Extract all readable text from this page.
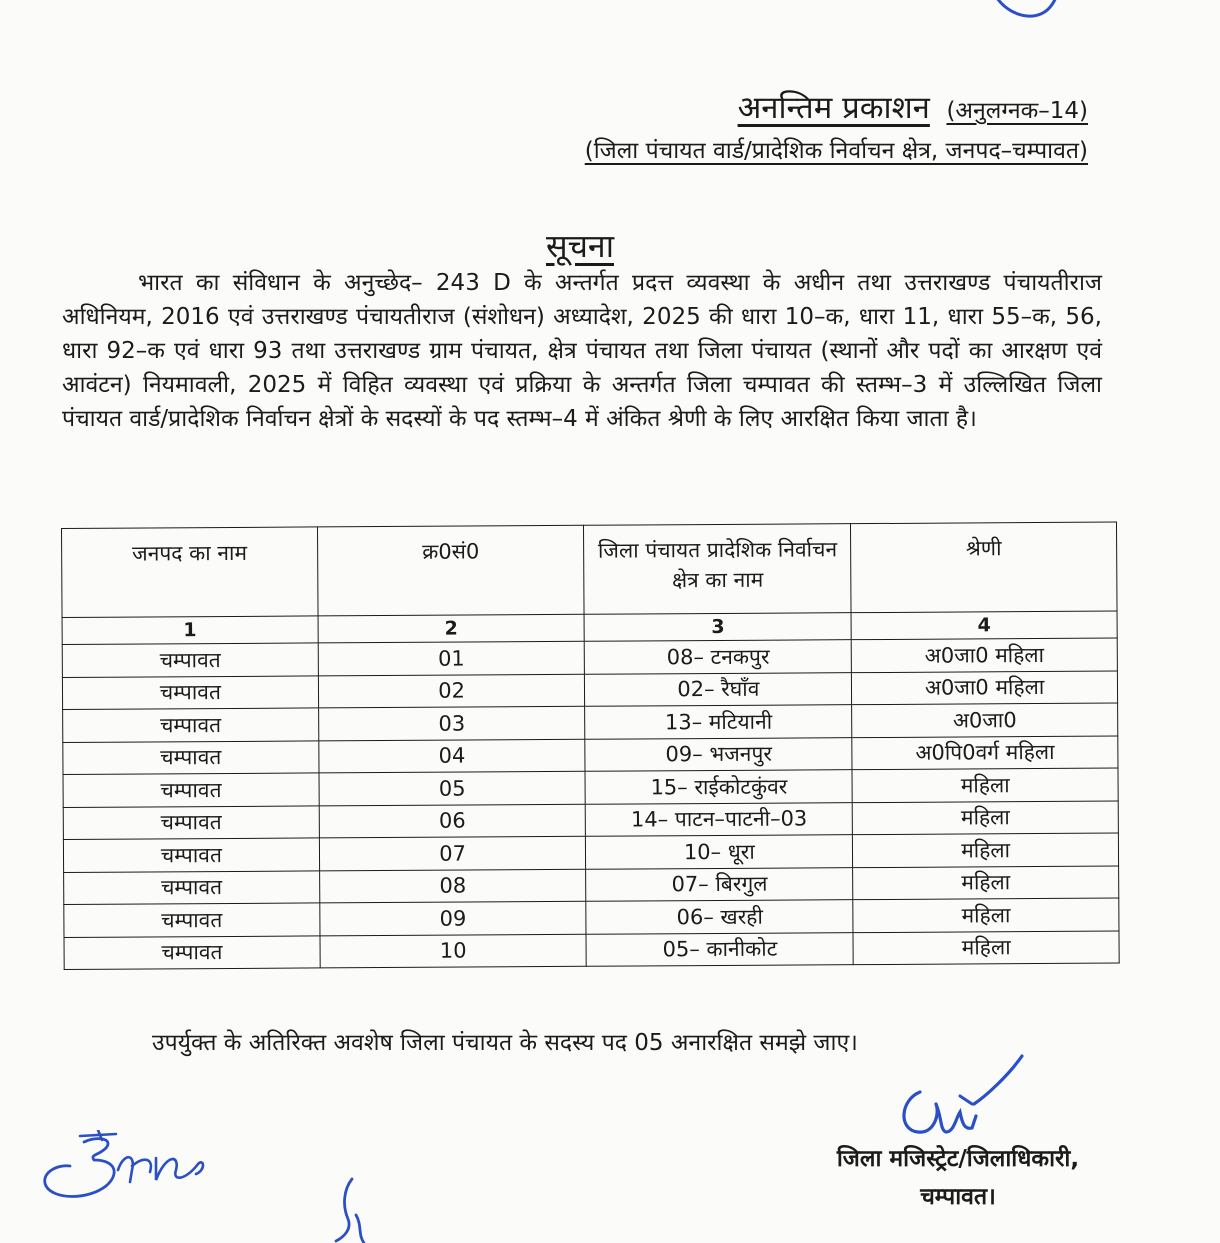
अनन्तिम प्रकाशन (अनुलग्नक–14)
(जिला पंचायत वार्ड/प्रादेशिक निर्वाचन क्षेत्र, जनपद–चम्पावत)
सूचना

भारत का संविधान के अनुच्छेद– 243 D के अन्तर्गत प्रदत्त व्यवस्था के अधीन तथा उत्तराखण्ड पंचायतीराज अधिनियम, 2016 एवं उत्तराखण्ड पंचायतीराज (संशोधन) अध्यादेश, 2025 की धारा 10–क, धारा 11, धारा 55–क, 56, धारा 92–क एवं धारा 93 तथा उत्तराखण्ड ग्राम पंचायत, क्षेत्र पंचायत तथा जिला पंचायत (स्थानों और पदों का आरक्षण एवं आवंटन) नियमावली, 2025 में विहित व्यवस्था एवं प्रक्रिया के अन्तर्गत जिला चम्पावत की स्तम्भ–3 में उल्लिखित जिला पंचायत वार्ड/प्रादेशिक निर्वाचन क्षेत्रों के सदस्यों के पद स्तम्भ–4 में अंकित श्रेणी के लिए आरक्षित किया जाता है।

जनपद का नाम	क्र0सं0	जिला पंचायत प्रादेशिक निर्वाचन क्षेत्र का नाम	श्रेणी
1	2	3	4
चम्पावत	01	08– टनकपुर	अ0जा0 महिला
चम्पावत	02	02– रैघाँव	अ0जा0 महिला
चम्पावत	03	13– मटियानी	अ0जा0
चम्पावत	04	09– भजनपुर	अ0पि0वर्ग महिला
चम्पावत	05	15– राईकोटकुंवर	महिला
चम्पावत	06	14– पाटन–पाटनी–03	महिला
चम्पावत	07	10– धूरा	महिला
चम्पावत	08	07– बिरगुल	महिला
चम्पावत	09	06– खरही	महिला
चम्पावत	10	05– कानीकोट	महिला
उपर्युक्त के अतिरिक्त अवशेष जिला पंचायत के सदस्य पद 05 अनारक्षित समझे जाए।
जिला मजिस्ट्रेट/जिलाधिकारी,
चम्पावत।
